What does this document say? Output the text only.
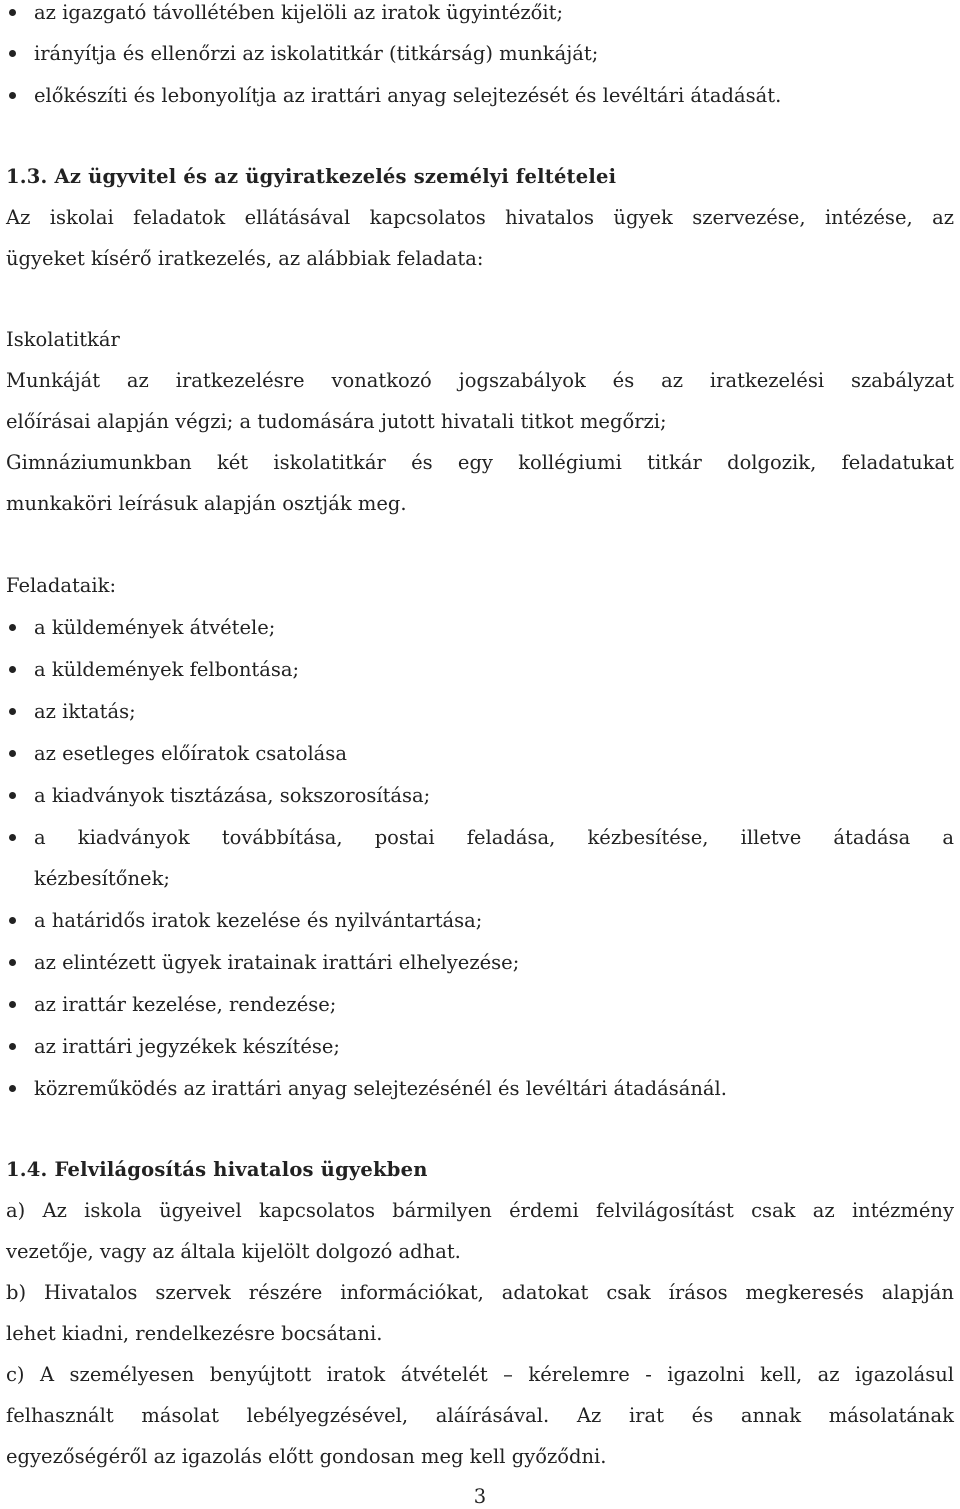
az igazgató távollétében kijelöli az iratok ügyintézőit;
irányítja és ellenőrzi az iskolatitkár (titkárság) munkáját;
előkészíti és lebonyolítja az irattári anyag selejtezését és levéltári átadását.
1.3. Az ügyvitel és az ügyiratkezelés személyi feltételei
Az iskolai feladatok ellátásával kapcsolatos hivatalos ügyek szervezése, intézése, az
ügyeket kísérő iratkezelés, az alábbiak feladata:
Iskolatitkár
Munkáját az iratkezelésre vonatkozó jogszabályok és az iratkezelési szabályzat
előírásai alapján végzi; a tudomására jutott hivatali titkot megőrzi;
Gimnáziumunkban két iskolatitkár és egy kollégiumi titkár dolgozik, feladatukat
munkaköri leírásuk alapján osztják meg.
Feladataik:
a küldemények átvétele;
a küldemények felbontása;
az iktatás;
az esetleges előíratok csatolása
a kiadványok tisztázása, sokszorosítása;
a kiadványok továbbítása, postai feladása, kézbesítése, illetve átadása a
kézbesítőnek;
a határidős iratok kezelése és nyilvántartása;
az elintézett ügyek iratainak irattári elhelyezése;
az irattár kezelése, rendezése;
az irattári jegyzékek készítése;
közreműködés az irattári anyag selejtezésénél és levéltári átadásánál.
1.4. Felvilágosítás hivatalos ügyekben
a) Az iskola ügyeivel kapcsolatos bármilyen érdemi felvilágosítást csak az intézmény
vezetője, vagy az általa kijelölt dolgozó adhat.
b) Hivatalos szervek részére információkat, adatokat csak írásos megkeresés alapján
lehet kiadni, rendelkezésre bocsátani.
c) A személyesen benyújtott iratok átvételét – kérelemre - igazolni kell, az igazolásul
felhasznált másolat lebélyegzésével, aláírásával. Az irat és annak másolatának
egyezőségéről az igazolás előtt gondosan meg kell győződni.
3
